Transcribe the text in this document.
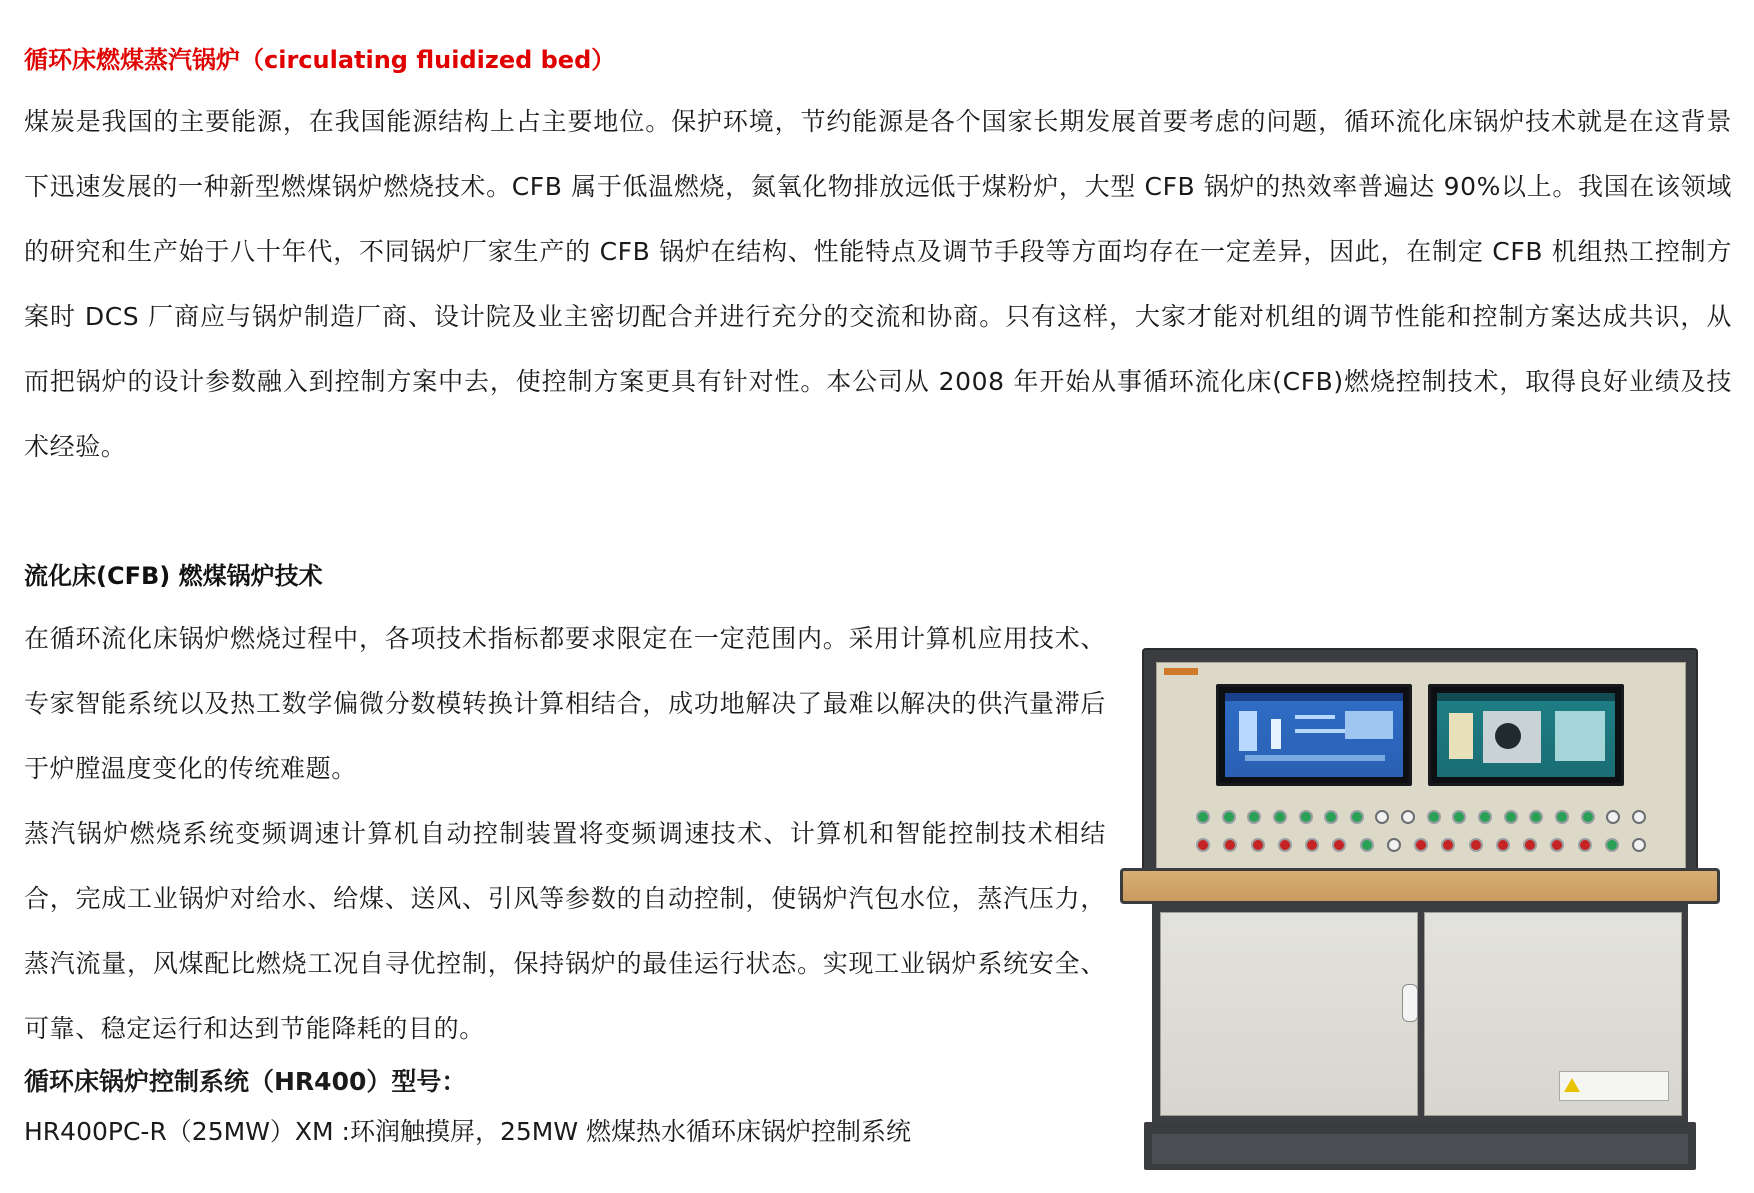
循环床燃煤蒸汽锅炉（circulating fluidized bed）

煤炭是我国的主要能源，在我国能源结构上占主要地位。保护环境，节约能源是各个国家长期发展首要考虑的问题，循环流化床锅炉技术就是在这背景下迅速发展的一种新型燃煤锅炉燃烧技术。CFB 属于低温燃烧，氮氧化物排放远低于煤粉炉，大型 CFB 锅炉的热效率普遍达 90%以上。我国在该领域的研究和生产始于八十年代，不同锅炉厂家生产的 CFB 锅炉在结构、性能特点及调节手段等方面均存在一定差异，因此，在制定 CFB 机组热工控制方案时 DCS 厂商应与锅炉制造厂商、设计院及业主密切配合并进行充分的交流和协商。只有这样，大家才能对机组的调节性能和控制方案达成共识，从而把锅炉的设计参数融入到控制方案中去，使控制方案更具有针对性。本公司从 2008 年开始从事循环流化床(CFB)燃烧控制技术，取得良好业绩及技术经验。

流化床(CFB) 燃煤锅炉技术

在循环流化床锅炉燃烧过程中，各项技术指标都要求限定在一定范围内。采用计算机应用技术、专家智能系统以及热工数学偏微分数模转换计算相结合，成功地解决了最难以解决的供汽量滞后于炉膛温度变化的传统难题。

蒸汽锅炉燃烧系统变频调速计算机自动控制装置将变频调速技术、计算机和智能控制技术相结合，完成工业锅炉对给水、给煤、送风、引风等参数的自动控制，使锅炉汽包水位，蒸汽压力，蒸汽流量，风煤配比燃烧工况自寻优控制，保持锅炉的最佳运行状态。实现工业锅炉系统安全、可靠、稳定运行和达到节能降耗的目的。

循环床锅炉控制系统（HR400）型号：
HR400PC-R（25MW）XM :环润触摸屏，25MW 燃煤热水循环床锅炉控制系统
